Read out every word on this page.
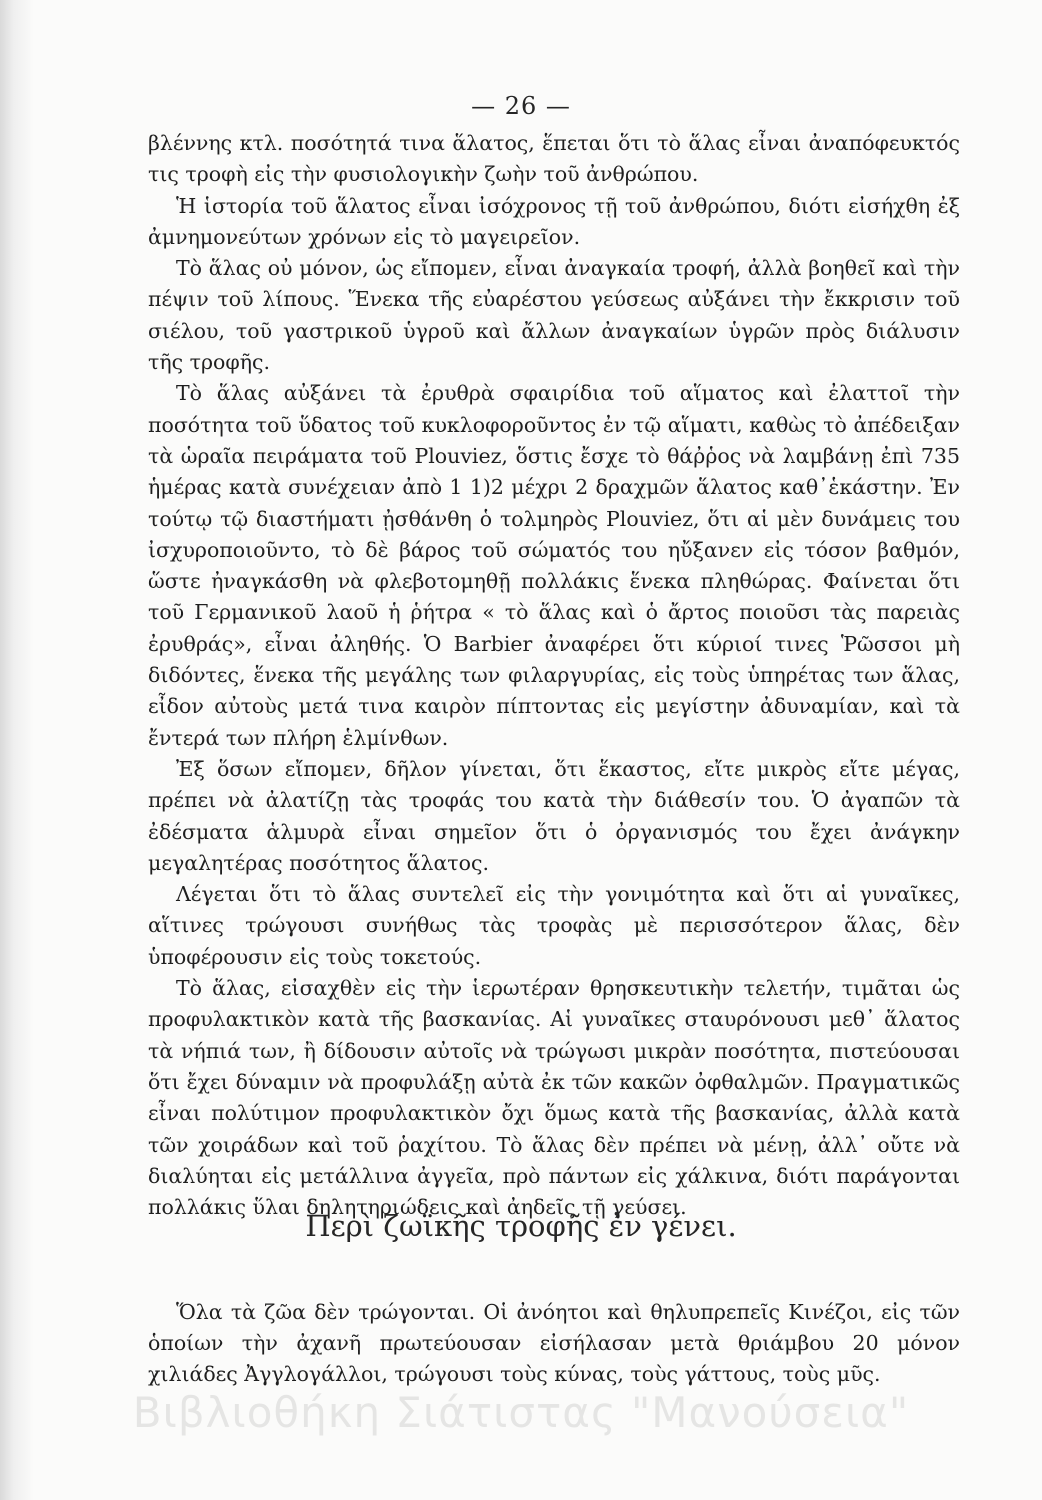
— 26 —

βλέννης κτλ. ποσότητά τινα ἅλατος, ἕπεται ὅτι τὸ ἅλας εἶναι ἀναπόφευκτός τις τροφὴ εἰς τὴν φυσιολογικὴν ζωὴν τοῦ ἀνθρώπου.

Ἡ ἱστορία τοῦ ἅλατος εἶναι ἰσόχρονος τῇ τοῦ ἀνθρώπου, διότι εἰσήχθη ἐξ ἀμνημονεύτων χρόνων εἰς τὸ μαγειρεῖον.

Τὸ ἅλας οὐ μόνον, ὡς εἴπομεν, εἶναι ἀναγκαία τροφή, ἀλλὰ βοηθεῖ καὶ τὴν πέψιν τοῦ λίπους. Ἕνεκα τῆς εὐαρέστου γεύσεως αὐξάνει τὴν ἔκκρισιν τοῦ σιέλου, τοῦ γαστρικοῦ ὑγροῦ καὶ ἄλλων ἀναγκαίων ὑγρῶν πρὸς διάλυσιν τῆς τροφῆς.

Τὸ ἅλας αὐξάνει τὰ ἐρυθρὰ σφαιρίδια τοῦ αἵματος καὶ ἐλαττοῖ τὴν ποσότητα τοῦ ὕδατος τοῦ κυκλοφοροῦντος ἐν τῷ αἵματι, καθὼς τὸ ἀπέδειξαν τὰ ὡραῖα πειράματα τοῦ Plouviez, ὅστις ἔσχε τὸ θάῤῥος νὰ λαμβάνῃ ἐπὶ 735 ἡμέρας κατὰ συνέχειαν ἀπὸ 1 1)2 μέχρι 2 δραχμῶν ἅλατος καθ᾽ἑκάστην. Ἐν τούτῳ τῷ διαστήματι ᾐσθάνθη ὁ τολμηρὸς Plouviez, ὅτι αἱ μὲν δυνάμεις του ἰσχυροποιοῦντο, τὸ δὲ βάρος τοῦ σώματός του ηὔξανεν εἰς τόσον βαθμόν, ὥστε ἠναγκάσθη νὰ φλεβοτομηθῇ πολλάκις ἕνεκα πληθώρας. Φαίνεται ὅτι τοῦ Γερμανικοῦ λαοῦ ἡ ῥήτρα « τὸ ἅλας καὶ ὁ ἄρτος ποιοῦσι τὰς παρειὰς ἐρυθράς», εἶναι ἀληθής. Ὁ Barbier ἀναφέρει ὅτι κύριοί τινες Ῥῶσσοι μὴ διδόντες, ἕνεκα τῆς μεγάλης των φιλαργυρίας, εἰς τοὺς ὑπηρέτας των ἅλας, εἶδον αὐτοὺς μετά τινα καιρὸν πίπτοντας εἰς μεγίστην ἀδυναμίαν, καὶ τὰ ἔντερά των πλήρη ἑλμίνθων.

Ἐξ ὅσων εἴπομεν, δῆλον γίνεται, ὅτι ἕκαστος, εἴτε μικρὸς εἴτε μέγας, πρέπει νὰ ἀλατίζῃ τὰς τροφάς του κατὰ τὴν διάθεσίν του. Ὁ ἀγαπῶν τὰ ἐδέσματα ἁλμυρὰ εἶναι σημεῖον ὅτι ὁ ὀργανισμός του ἔχει ἀνάγκην μεγαλητέρας ποσότητος ἅλατος.

Λέγεται ὅτι τὸ ἅλας συντελεῖ εἰς τὴν γονιμότητα καὶ ὅτι αἱ γυναῖκες, αἵτινες τρώγουσι συνήθως τὰς τροφὰς μὲ περισσότερον ἅλας, δὲν ὑποφέρουσιν εἰς τοὺς τοκετούς.

Τὸ ἅλας, εἰσαχθὲν εἰς τὴν ἱερωτέραν θρησκευτικὴν τελετήν, τιμᾶται ὡς προφυλακτικὸν κατὰ τῆς βασκανίας. Αἱ γυναῖκες σταυρόνουσι μεθ᾽ ἅλατος τὰ νήπιά των, ἢ δίδουσιν αὐτοῖς νὰ τρώγωσι μικρὰν ποσότητα, πιστεύουσαι ὅτι ἔχει δύναμιν νὰ προφυλάξῃ αὐτὰ ἐκ τῶν κακῶν ὀφθαλμῶν. Πραγματικῶς εἶναι πολύτιμον προφυλακτικὸν ὄχι ὅμως κατὰ τῆς βασκανίας, ἀλλὰ κατὰ τῶν χοιράδων καὶ τοῦ ῥαχίτου. Τὸ ἅλας δὲν πρέπει νὰ μένῃ, ἀλλ᾽ οὔτε νὰ διαλύηται εἰς μετάλλινα ἀγγεῖα, πρὸ πάντων εἰς χάλκινα, διότι παράγονται πολλάκις ὕλαι δηλητηριώδεις καὶ ἀηδεῖς τῇ γεύσει.

Περὶ ζωϊκῆς τροφῆς ἐν γένει.

Ὅλα τὰ ζῶα δὲν τρώγονται. Οἱ ἀνόητοι καὶ θηλυπρεπεῖς Κινέζοι, εἰς τῶν ὁποίων τὴν ἀχανῆ πρωτεύουσαν εἰσήλασαν μετὰ θριάμβου 20 μόνον χιλιάδες Ἀγγλογάλλοι, τρώγουσι τοὺς κύνας, τοὺς γάττους, τοὺς μῦς.

Βιβλιοθήκη Σιάτιστας "Μανούσεια"
